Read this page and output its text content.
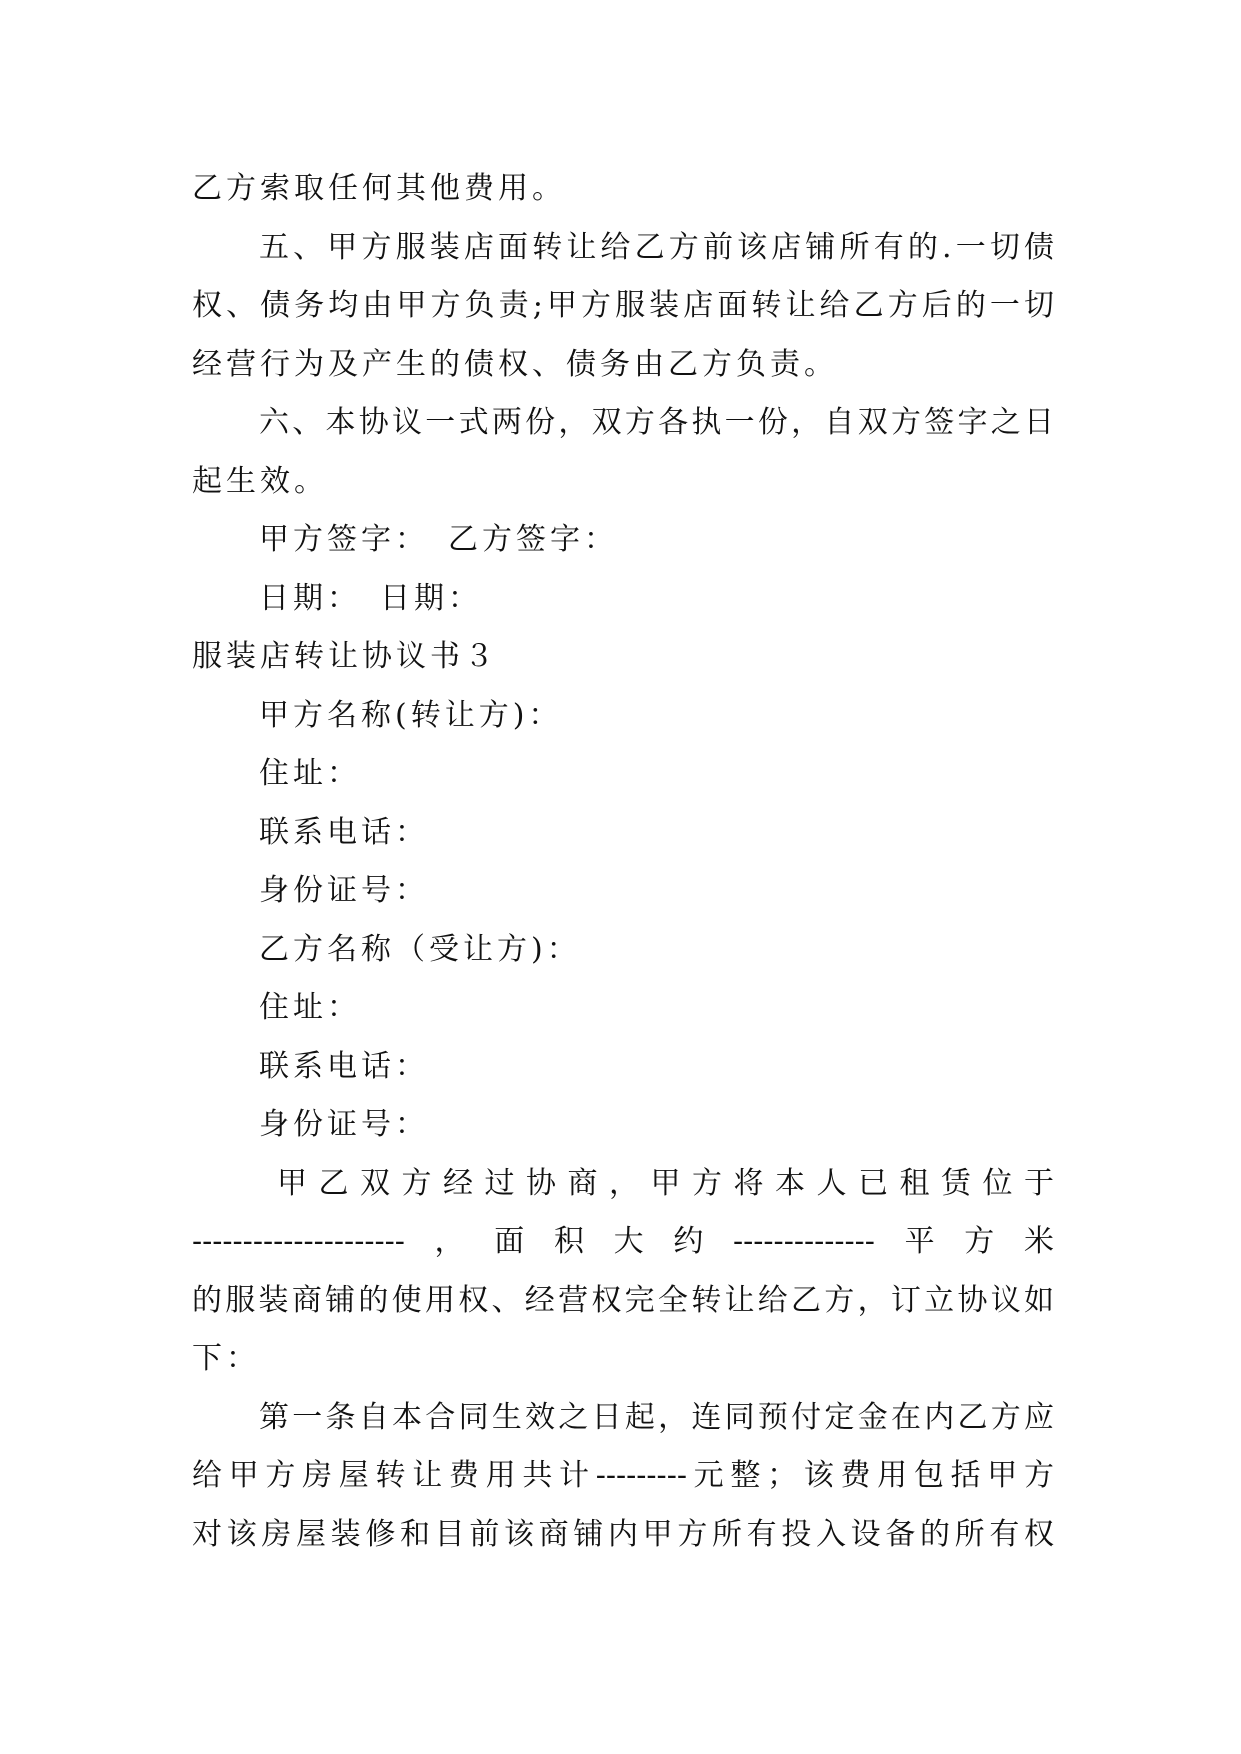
乙方索取任何其他费用。
五、甲方服装店面转让给乙方前该店铺所有的.一切债
权、债务均由甲方负责;甲方服装店面转让给乙方后的一切
经营行为及产生的债权、债务由乙方负责。
六、本协议一式两份，双方各执一份，自双方签字之日
起生效。
甲方签字：　乙方签字：
日期：　日期：
服装店转让协议书３
甲方名称(转让方)：
住址：
联系电话：
身份证号：
乙方名称（受让方)：
住址：
联系电话：
身份证号：
甲乙双方经过协商，甲方将本人已租赁位于
---------------------，面积大约--------------平方米
的服装商铺的使用权、经营权完全转让给乙方，订立协议如
下：
第一条自本合同生效之日起，连同预付定金在内乙方应
给甲方房屋转让费用共计---------元整；该费用包括甲方
对该房屋装修和目前该商铺内甲方所有投入设备的所有权
